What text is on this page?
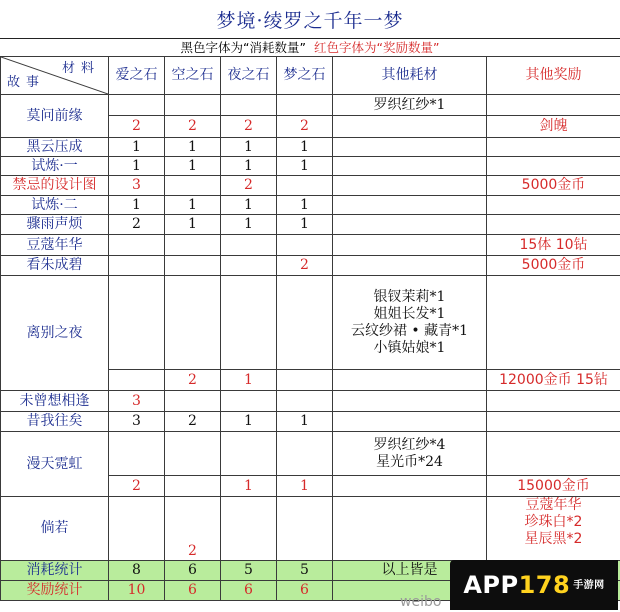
梦境·绫罗之千年一梦
黑色字体为“消耗数量” 红色字体为“奖励数量”
材料
故事	爱之石	空之石	夜之石	梦之石	其他耗材	其他奖励
莫问前缘					罗织红纱*1	
	2	2	2	2		剑魄
黑云压成	1	1	1	1		
试炼·一	1	1	1	1		
禁忌的设计图	3		2			5000金币
试炼·二	1	1	1	1		
骤雨声烦	2	1	1	1		
豆蔻年华						15体 10钻
看朱成碧				2		5000金币
离别之夜					银钗茉莉*1
姐姐长发*1
云纹纱裙 • 藏青*1
小镇姑娘*1	

		2	1			12000金币 15钻
未曾想相逢	3					
昔我往矣	3	2	1	1		
漫天霓虹					罗织红纱*4
星光币*24	

	2		1	1		15000金币
倘若		2				豆蔻年华
珍珠白*2
星辰黑*2

消耗统计	8	6	5	5	以上皆是	
奖励统计	10	6	6	6		
weibo
APP 178 手游网
